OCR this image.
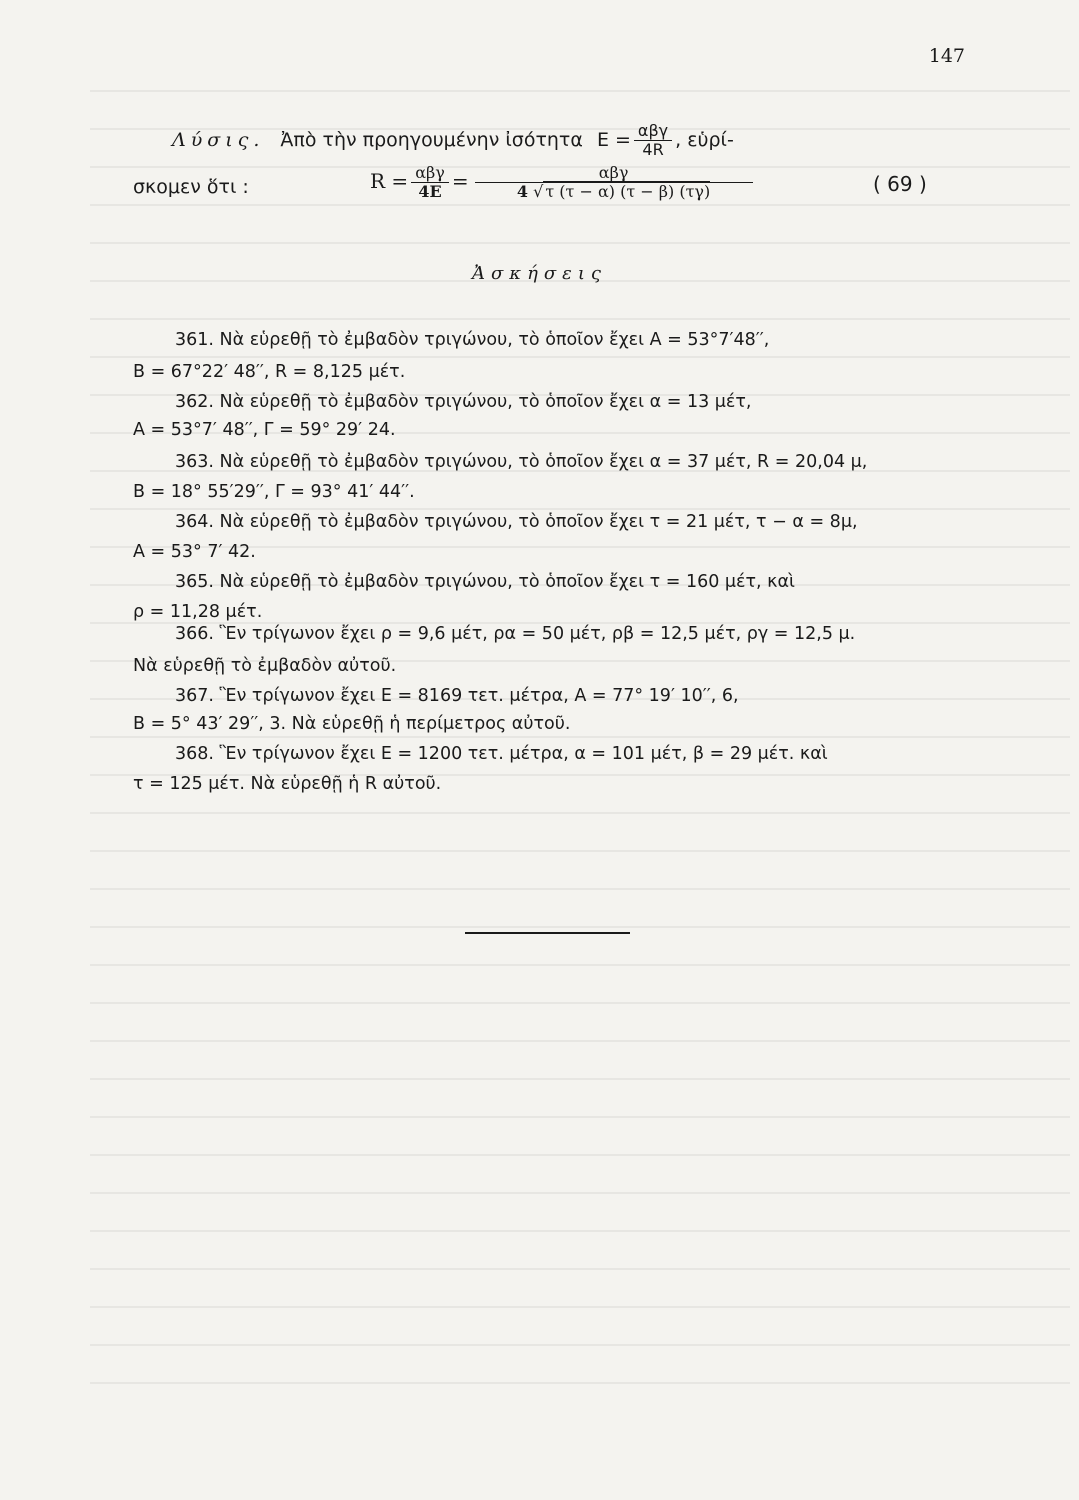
147
Λύσις. Ἀπὸ τὴν προηγουμένην ἰσότητα $E = \frac{\text{αβγ}}{4R}$ , εὑρί-
σκομεν ὅτι :	$R = \frac{\text{αβγ}}{4E} = \frac{\text{αβγ}}{4 √ \tau (\tau - \alpha) (\tau - \beta) (\tau\gamma)}$	( 69 )
Ἀσκήσεις
361. Νὰ εὑρεθῇ τὸ ἐμβαδὸν τριγώνου, τὸ ὁποῖον ἔχει Α = 53°7′48′′,
Β = 67°22′ 48′′, R = 8,125 μέτ.
362. Νὰ εὑρεθῇ τὸ ἐμβαδὸν τριγώνου, τὸ ὁποῖον ἔχει α = 13 μέτ,
Α = 53°7′ 48′′, Γ = 59° 29′ 24.
363. Νὰ εὑρεθῇ τὸ ἐμβαδὸν τριγώνου, τὸ ὁποῖον ἔχει α = 37 μέτ, R = 20,04 μ,
Β = 18° 55′29′′, Γ = 93° 41′ 44′′.
364. Νὰ εὑρεθῇ τὸ ἐμβαδὸν τριγώνου, τὸ ὁποῖον ἔχει τ = 21 μέτ, τ − α = 8μ,
Α = 53° 7′ 42.
365. Νὰ εὑρεθῇ τὸ ἐμβαδὸν τριγώνου, τὸ ὁποῖον ἔχει τ = 160 μέτ, καὶ
ρ = 11,28 μέτ.
366. Ἓν τρίγωνον ἔχει ρ = 9,6 μέτ, ρα = 50 μέτ, ρβ = 12,5 μέτ, ργ = 12,5 μ.
Νὰ εὑρεθῇ τὸ ἐμβαδὸν αὐτοῦ.
367. Ἓν τρίγωνον ἔχει Ε = 8169 τετ. μέτρα, Α = 77° 19′ 10′′, 6,
Β = 5° 43′ 29′′, 3. Νὰ εὑρεθῇ ἡ περίμετρος αὐτοῦ.
368. Ἓν τρίγωνον ἔχει Ε = 1200 τετ. μέτρα, α = 101 μέτ, β = 29 μέτ. καὶ
τ = 125 μέτ. Νὰ εὑρεθῇ ἡ R αὐτοῦ.
